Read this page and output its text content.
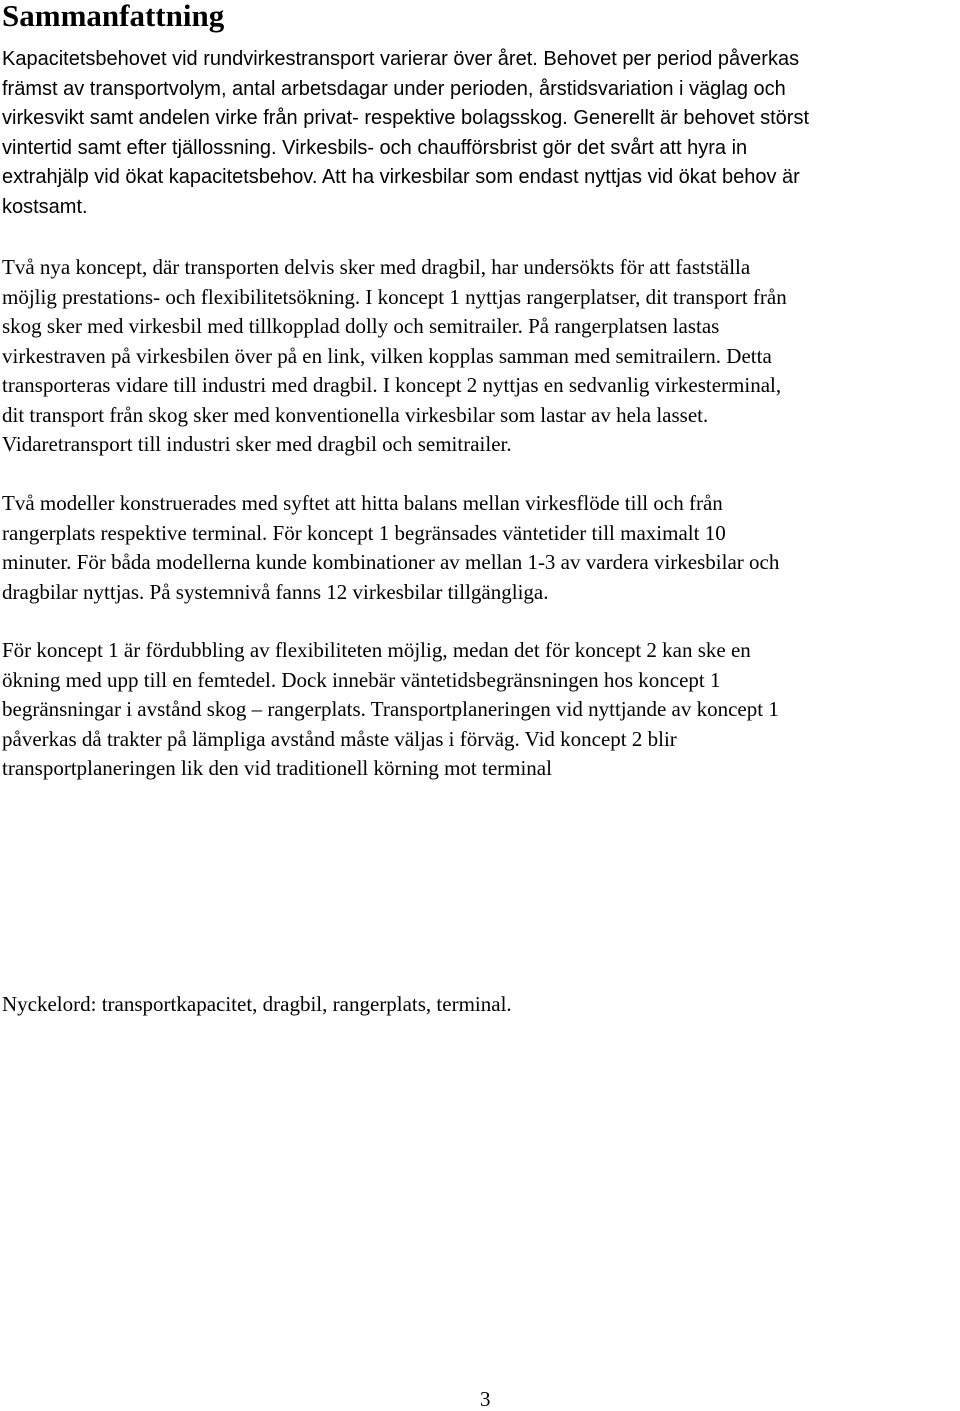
Sammanfattning

Kapacitetsbehovet vid rundvirkestransport varierar över året. Behovet per period påverkas
främst av transportvolym, antal arbetsdagar under perioden, årstidsvariation i väglag och
virkesvikt samt andelen virke från privat- respektive bolagsskog. Generellt är behovet störst
vintertid samt efter tjällossning. Virkesbils- och chaufförsbrist gör det svårt att hyra in
extrahjälp vid ökat kapacitetsbehov. Att ha virkesbilar som endast nyttjas vid ökat behov är
kostsamt.

Två nya koncept, där transporten delvis sker med dragbil, har undersökts för att fastställa
möjlig prestations- och flexibilitetsökning. I koncept 1 nyttjas rangerplatser, dit transport från
skog sker med virkesbil med tillkopplad dolly och semitrailer. På rangerplatsen lastas
virkestraven på virkesbilen över på en link, vilken kopplas samman med semitrailern. Detta
transporteras vidare till industri med dragbil. I koncept 2 nyttjas en sedvanlig virkesterminal,
dit transport från skog sker med konventionella virkesbilar som lastar av hela lasset.
Vidaretransport till industri sker med dragbil och semitrailer.

Två modeller konstruerades med syftet att hitta balans mellan virkesflöde till och från
rangerplats respektive terminal. För koncept 1 begränsades väntetider till maximalt 10
minuter. För båda modellerna kunde kombinationer av mellan 1-3 av vardera virkesbilar och
dragbilar nyttjas. På systemnivå fanns 12 virkesbilar tillgängliga.

För koncept 1 är fördubbling av flexibiliteten möjlig, medan det för koncept 2 kan ske en
ökning med upp till en femtedel. Dock innebär väntetidsbegränsningen hos koncept 1
begränsningar i avstånd skog – rangerplats. Transportplaneringen vid nyttjande av koncept 1
påverkas då trakter på lämpliga avstånd måste väljas i förväg. Vid koncept 2 blir
transportplaneringen lik den vid traditionell körning mot terminal

Nyckelord: transportkapacitet, dragbil, rangerplats, terminal.

3
